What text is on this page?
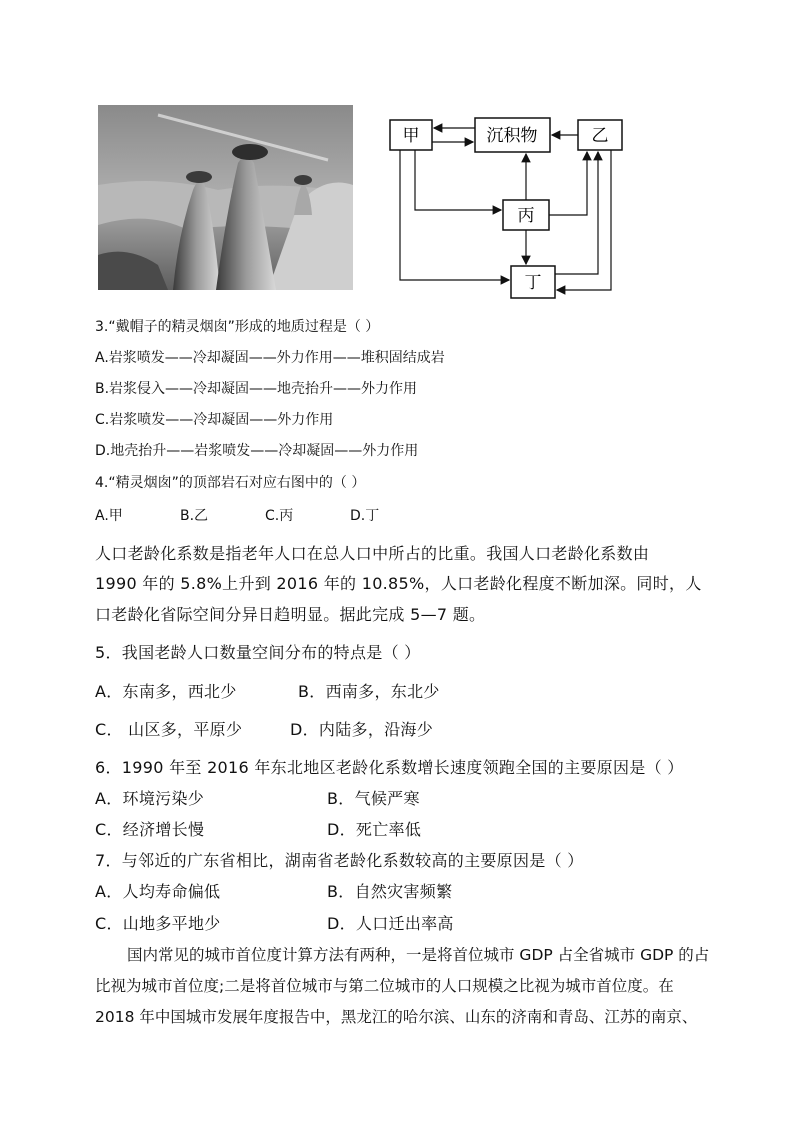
甲	沉积物	乙
丙
丁
3.“戴帽子的精灵烟囱”形成的地质过程是（ ）
A.岩浆喷发——冷却凝固——外力作用——堆积固结成岩
B.岩浆侵入——冷却凝固——地壳抬升——外力作用
C.岩浆喷发——冷却凝固——外力作用
D.地壳抬升——岩浆喷发——冷却凝固——外力作用
4.“精灵烟囱”的顶部岩石对应右图中的（ ）
A.甲	B.乙	C.丙	D.丁
人口老龄化系数是指老年人口在总人口中所占的比重。我国人口老龄化系数由
1990 年的 5.8%上升到 2016 年的 10.85%，人口老龄化程度不断加深。同时，人
口老龄化省际空间分异日趋明显。据此完成 5—7 题。
5．我国老龄人口数量空间分布的特点是（ ）
A．东南多，西北少	B．西南多，东北少
C． 山区多，平原少	D．内陆多，沿海少
6．1990 年至 2016 年东北地区老龄化系数增长速度领跑全国的主要原因是（ ）
A．环境污染少	B．气候严寒
C．经济增长慢	D．死亡率低
7．与邻近的广东省相比，湖南省老龄化系数较高的主要原因是（ ）
A．人均寿命偏低	B．自然灾害频繁
C．山地多平地少	D．人口迁出率高
国内常见的城市首位度计算方法有两种，一是将首位城市 GDP 占全省城市 GDP 的占
比视为城市首位度;二是将首位城市与第二位城市的人口规模之比视为城市首位度。在
2018 年中国城市发展年度报告中，黑龙江的哈尔滨、山东的济南和青岛、江苏的南京、
